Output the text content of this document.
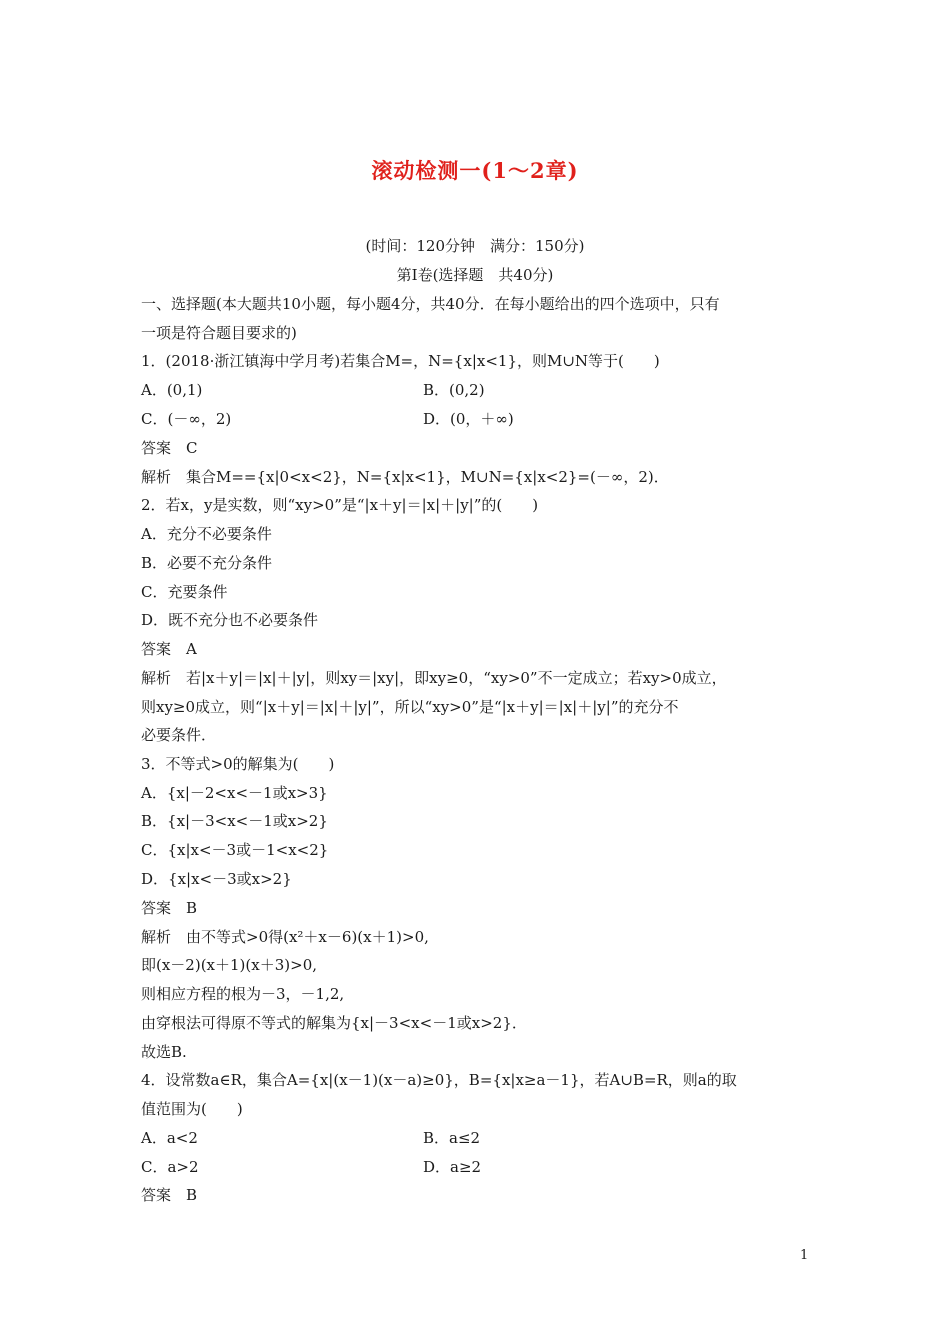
滚动检测一(1～2章)
(时间：120分钟　满分：150分)
第Ⅰ卷(选择题　共40分)
一、选择题(本大题共10小题，每小题4分，共40分．在每小题给出的四个选项中，只有
一项是符合题目要求的)
1．(2018·浙江镇海中学月考)若集合M=，N={x|x<1}，则M∪N等于(　　)
A．(0,1)	B．(0,2)
C．(－∞，2)	D．(0，＋∞)
答案　C
解析　集合M=={x|0<x<2}，N={x|x<1}，M∪N={x|x<2}=(－∞，2)．
2．若x，y是实数，则“xy>0”是“|x＋y|＝|x|＋|y|”的(　　)
A．充分不必要条件
B．必要不充分条件
C．充要条件
D．既不充分也不必要条件
答案　A
解析　若|x＋y|＝|x|＋|y|，则xy＝|xy|，即xy≥0，“xy>0”不一定成立；若xy>0成立，
则xy≥0成立，则“|x＋y|＝|x|＋|y|”，所以“xy>0”是“|x＋y|＝|x|＋|y|”的充分不
必要条件．
3．不等式>0的解集为(　　)
A．{x|－2<x<－1或x>3}
B．{x|－3<x<－1或x>2}
C．{x|x<－3或－1<x<2}
D．{x|x<－3或x>2}
答案　B
解析　由不等式>0得(x²＋x－6)(x＋1)>0,
即(x－2)(x＋1)(x＋3)>0,
则相应方程的根为－3，－1,2,
由穿根法可得原不等式的解集为{x|－3<x<－1或x>2}．
故选B.
4．设常数a∈R，集合A={x|(x－1)(x－a)≥0}，B={x|x≥a－1}，若A∪B=R，则a的取
值范围为(　　)
A．a<2	B．a≤2
C．a>2	D．a≥2
答案　B
1
